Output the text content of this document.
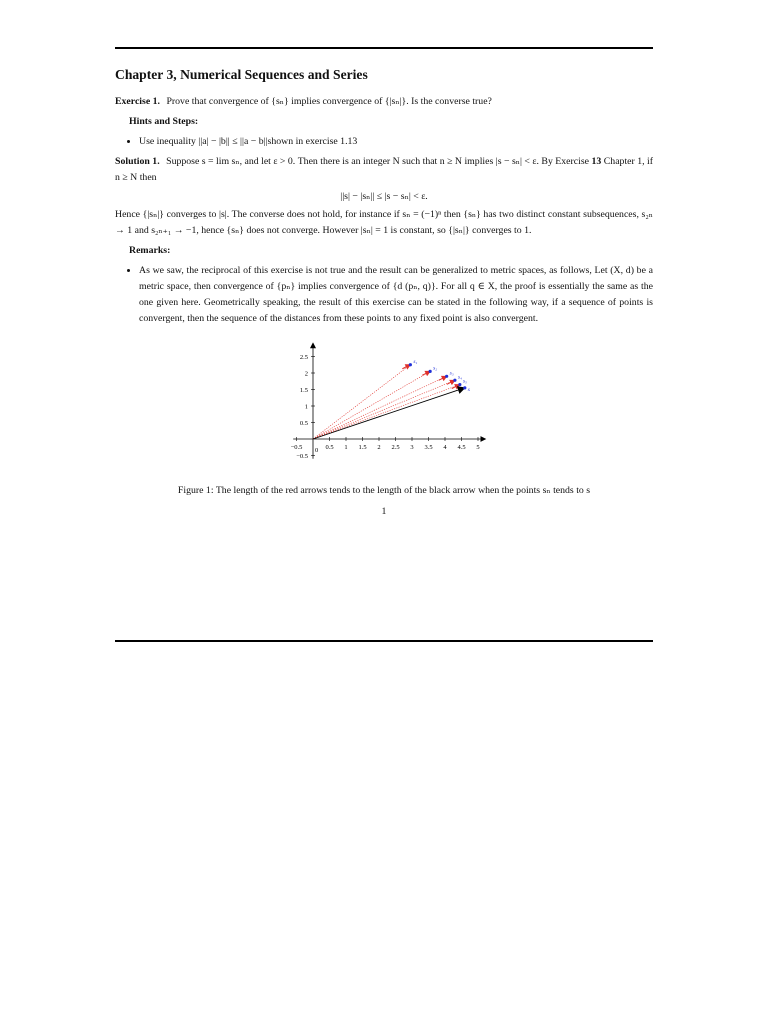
Chapter 3, Numerical Sequences and Series

Exercise 1. Prove that convergence of {sₙ} implies convergence of {|sₙ|}. Is the converse true?

Hints and Steps:
• Use inequality ||a| − |b|| ≤ ||a − b||shown in exercise 1.13

Solution 1. Suppose s = lim sₙ, and let ε > 0. Then there is an integer N such that n ≥ N implies |s − sₙ| < ε. By Exercise 13 Chapter 1, if n ≥ N then

||s| − |sₙ|| ≤ |s − sₙ| < ε.

Hence {|sₙ|} converges to |s|. The converse does not hold, for instance if sₙ = (−1)ⁿ then {sₙ} has two distinct constant subsequences, s₂ₙ → 1 and s₂ₙ₊₁ → −1, hence {sₙ} does not converge. However |sₙ| = 1 is constant, so {|sₙ|} converges to 1.

Remarks:
• As we saw, the reciprocal of this exercise is not true and the result can be generalized to metric spaces, as follows, Let (X, d) be a metric space, then convergence of {pₙ} implies convergence of {d (pₙ, q)}. For all q ∈ X, the proof is essentially the same as the one given here. Geometrically speaking, the result of this exercise can be stated in the following way, if a sequence of points is convergent, then the sequence of the distances from these points to any fixed point is also convergent.
−0.5	0.5 1 1.5 2 2.5 3 3.5 4 4.5 5
−0.5
0.5
1
1.5
2
2.5
0
s₁
s₂
s₃
s₄
s₅
s
Figure 1: The length of the red arrows tends to the length of the black arrow when the points sₙ tends to s
1
